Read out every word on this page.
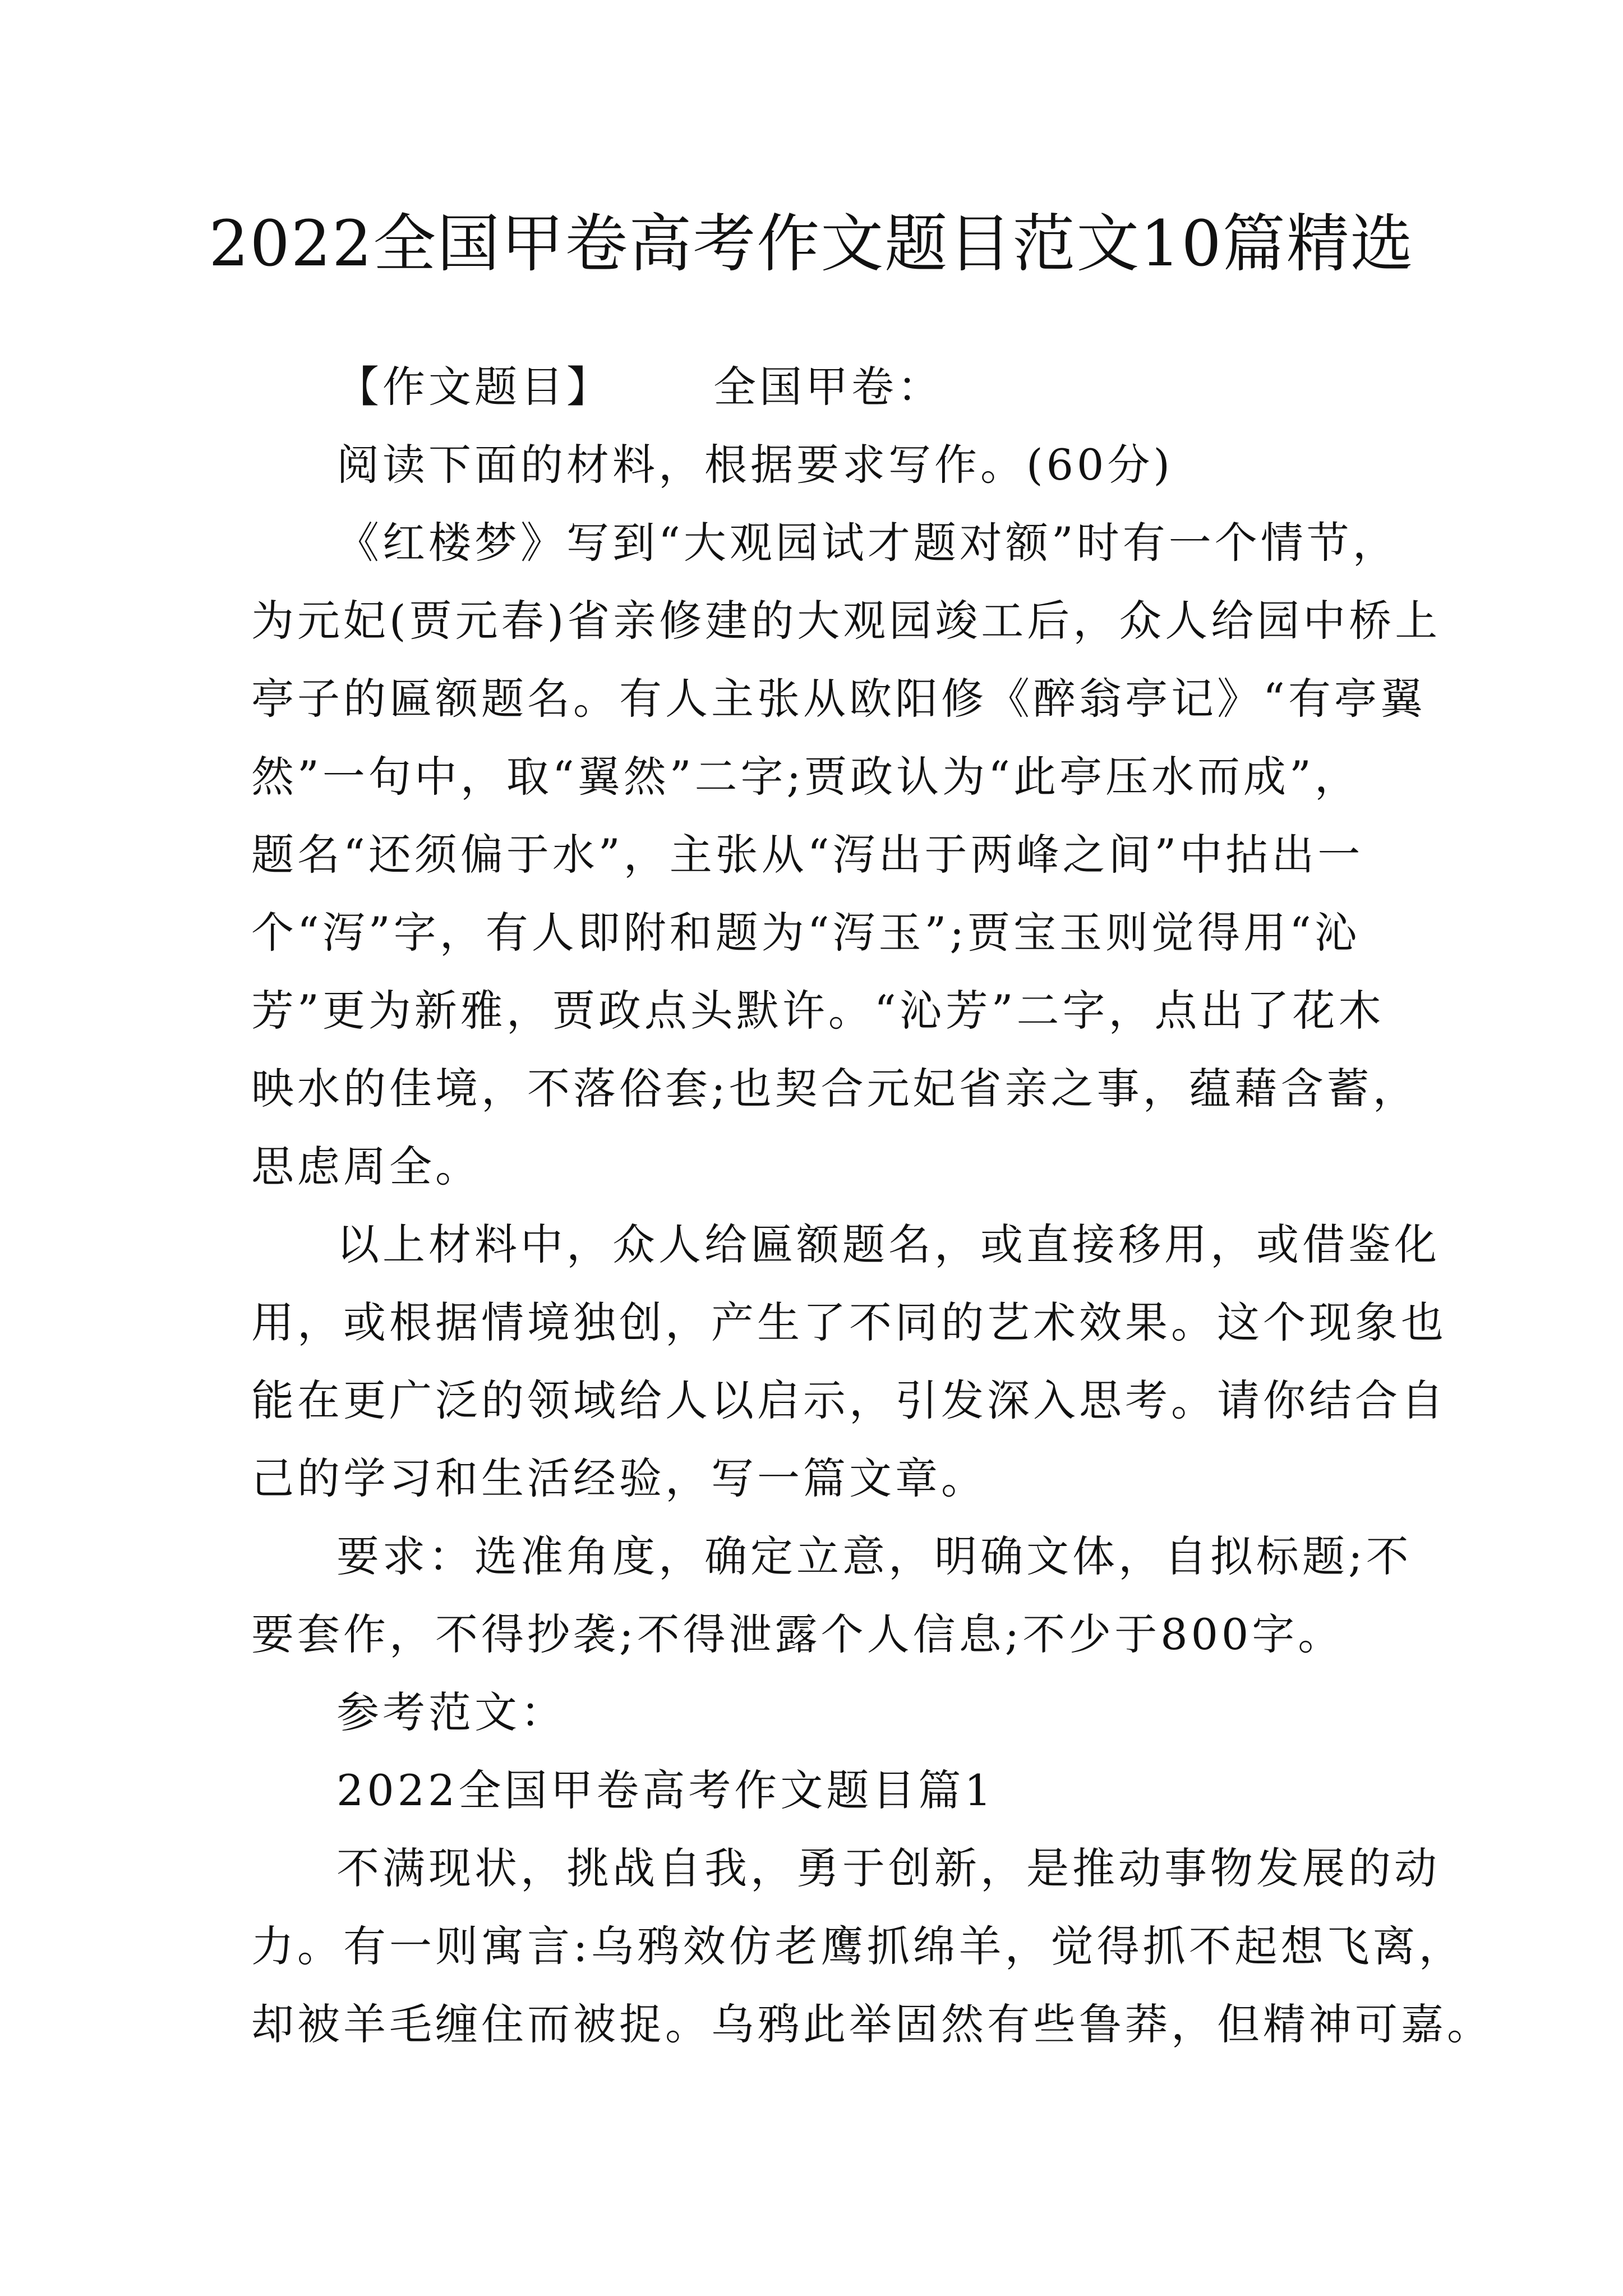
2022全国甲卷高考作文题目范文10篇精选
【作文题目】 全国甲卷：
阅读下面的材料，根据要求写作。(60分)
《红楼梦》写到“大观园试才题对额”时有一个情节，
为元妃(贾元春)省亲修建的大观园竣工后，众人给园中桥上
亭子的匾额题名。有人主张从欧阳修《醉翁亭记》“有亭翼
然”一句中，取“翼然”二字;贾政认为“此亭压水而成”，
题名“还须偏于水”，主张从“泻出于两峰之间”中拈出一
个“泻”字，有人即附和题为“泻玉”;贾宝玉则觉得用“沁
芳”更为新雅，贾政点头默许。“沁芳”二字，点出了花木
映水的佳境，不落俗套;也契合元妃省亲之事，蕴藉含蓄，
思虑周全。
以上材料中，众人给匾额题名，或直接移用，或借鉴化
用，或根据情境独创，产生了不同的艺术效果。这个现象也
能在更广泛的领域给人以启示，引发深入思考。请你结合自
己的学习和生活经验，写一篇文章。
要求：选准角度，确定立意，明确文体，自拟标题;不
要套作，不得抄袭;不得泄露个人信息;不少于800字。
参考范文：
2022全国甲卷高考作文题目篇1
不满现状，挑战自我，勇于创新，是推动事物发展的动
力。有一则寓言:乌鸦效仿老鹰抓绵羊，觉得抓不起想飞离，
却被羊毛缠住而被捉。乌鸦此举固然有些鲁莽，但精神可嘉。
